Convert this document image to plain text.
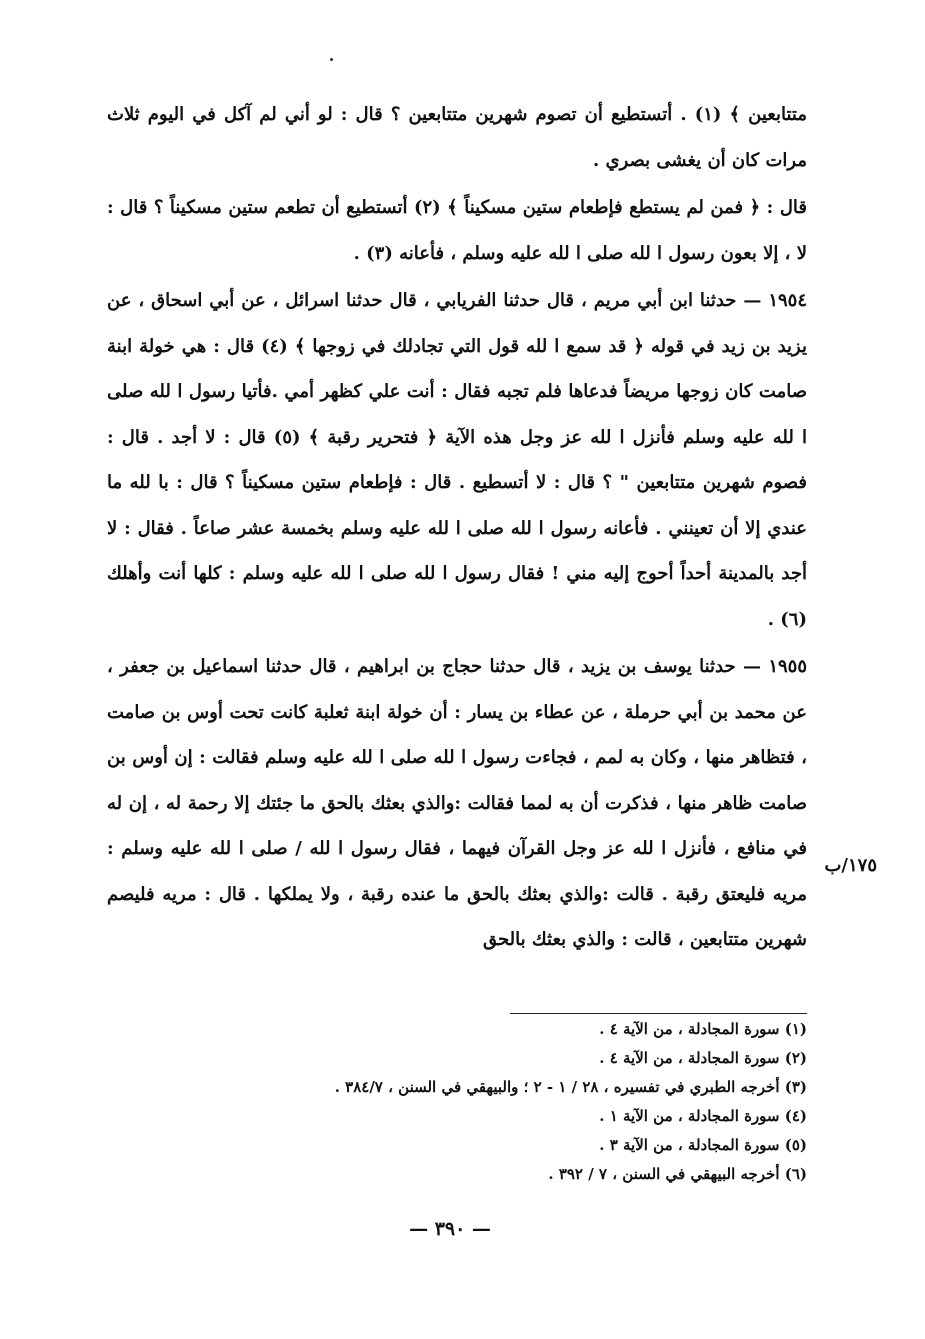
متتابعين ﴾ (١) . أتستطيع أن تصوم شهرين متتابعين ؟ قال : لو أني لم آكل في اليوم ثلاث مرات كان أن يغشى بصري .

قال : ﴿ فمن لم يستطع فإطعام ستين مسكيناً ﴾ (٢) أتستطيع أن تطعم ستين مسكيناً ؟ قال : لا ، إلا بعون رسول ا لله صلى ا لله عليه وسلم ، فأعانه (٣) .

١٩٥٤ — حدثنا ابن أبي مريم ، قال حدثنا الفريابي ، قال حدثنا اسرائل ، عن أبي اسحاق ، عن يزيد بن زيد في قوله ﴿ قد سمع ا لله قول التي تجادلك في زوجها ﴾ (٤) قال : هي خولة ابنة صامت كان زوجها مريضاً فدعاها فلم تجبه فقال : أنت علي كظهر أمي .فأتيا رسول ا لله صلى ا لله عليه وسلم فأنزل ا لله عز وجل هذه الآية ﴿ فتحرير رقبة ﴾ (٥) قال : لا أجد . قال : فصوم شهرين متتابعين " ؟ قال : لا أتسطيع . قال : فإطعام ستين مسكيناً ؟ قال : با لله ما عندي إلا أن تعينني . فأعانه رسول ا لله صلى ا لله عليه وسلم بخمسة عشر صاعاً . فقال : لا أجد بالمدينة أحداً أحوج إليه مني ! فقال رسول ا لله صلى ا لله عليه وسلم : كلها أنت وأهلك (٦) .

١٩٥٥ — حدثنا يوسف بن يزيد ، قال حدثنا حجاج بن ابراهيم ، قال حدثنا اسماعيل بن جعفر ، عن محمد بن أبي حرملة ، عن عطاء بن يسار : أن خولة ابنة ثعلبة كانت تحت أوس بن صامت ، فتظاهر منها ، وكان به لمم ، فجاءت رسول ا لله صلى ا لله عليه وسلم فقالت : إن أوس بن صامت ظاهر منها ، فذكرت أن به لمما فقالت :والذي بعثك بالحق ما جئتك إلا رحمة له ، إن له في منافع ، فأنزل ا لله عز وجل القرآن فيهما ، فقال رسول ا لله / صلى ا لله عليه وسلم : مريه فليعتق رقبة . قالت :والذي بعثك بالحق ما عنده رقبة ، ولا يملكها . قال : مريه فليصم شهرين متتابعين ، قالت : والذي بعثك بالحق

١٧٥/ب
(١) سورة المجادلة ، من الآية ٤ .
(٢) سورة المجادلة ، من الآية ٤ .
(٣) أخرجه الطبري في تفسيره ، ٢٨ / ١ - ٢ ؛ والبيهقي في السنن ، ٣٨٤/٧ .
(٤) سورة المجادلة ، من الآية ١ .
(٥) سورة المجادلة ، من الآية ٣ .
(٦) أخرجه البيهقي في السنن ، ٧ / ٣٩٢ .
— ٣٩٠ —
